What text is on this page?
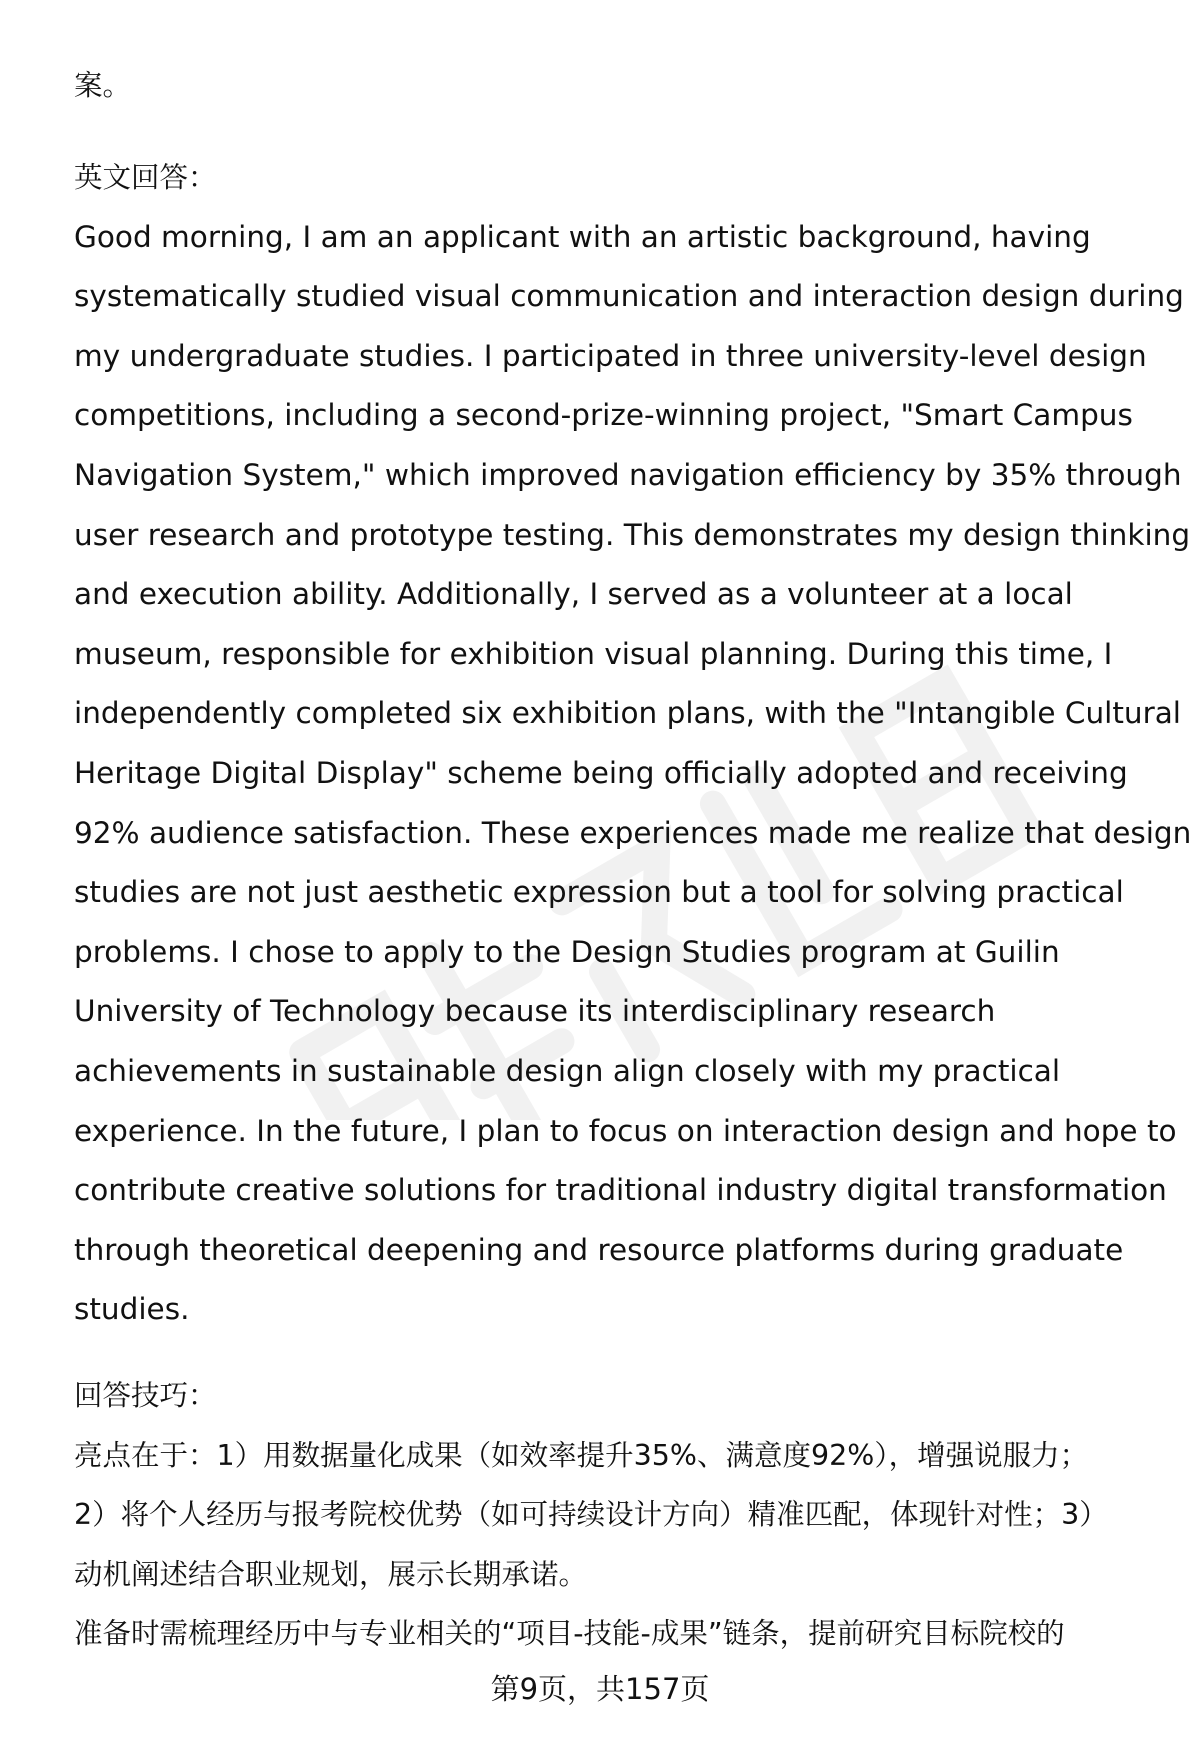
案。
英文回答：
Good morning, I am an applicant with an artistic background, having
systematically studied visual communication and interaction design during
my undergraduate studies. I participated in three university-level design
competitions, including a second-prize-winning project, "Smart Campus
Navigation System," which improved navigation efficiency by 35% through
user research and prototype testing. This demonstrates my design thinking
and execution ability. Additionally, I served as a volunteer at a local
museum, responsible for exhibition visual planning. During this time, I
independently completed six exhibition plans, with the "Intangible Cultural
Heritage Digital Display" scheme being officially adopted and receiving
92% audience satisfaction. These experiences made me realize that design
studies are not just aesthetic expression but a tool for solving practical
problems. I chose to apply to the Design Studies program at Guilin
University of Technology because its interdisciplinary research
achievements in sustainable design align closely with my practical
experience. In the future, I plan to focus on interaction design and hope to
contribute creative solutions for traditional industry digital transformation
through theoretical deepening and resource platforms during graduate
studies.
回答技巧：
亮点在于：1）用数据量化成果（如效率提升35%、满意度92%），增强说服力；
2）将个人经历与报考院校优势（如可持续设计方向）精准匹配，体现针对性；3）
动机阐述结合职业规划，展示长期承诺。
准备时需梳理经历中与专业相关的“项目-技能-成果”链条，提前研究目标院校的
第9页，共157页
